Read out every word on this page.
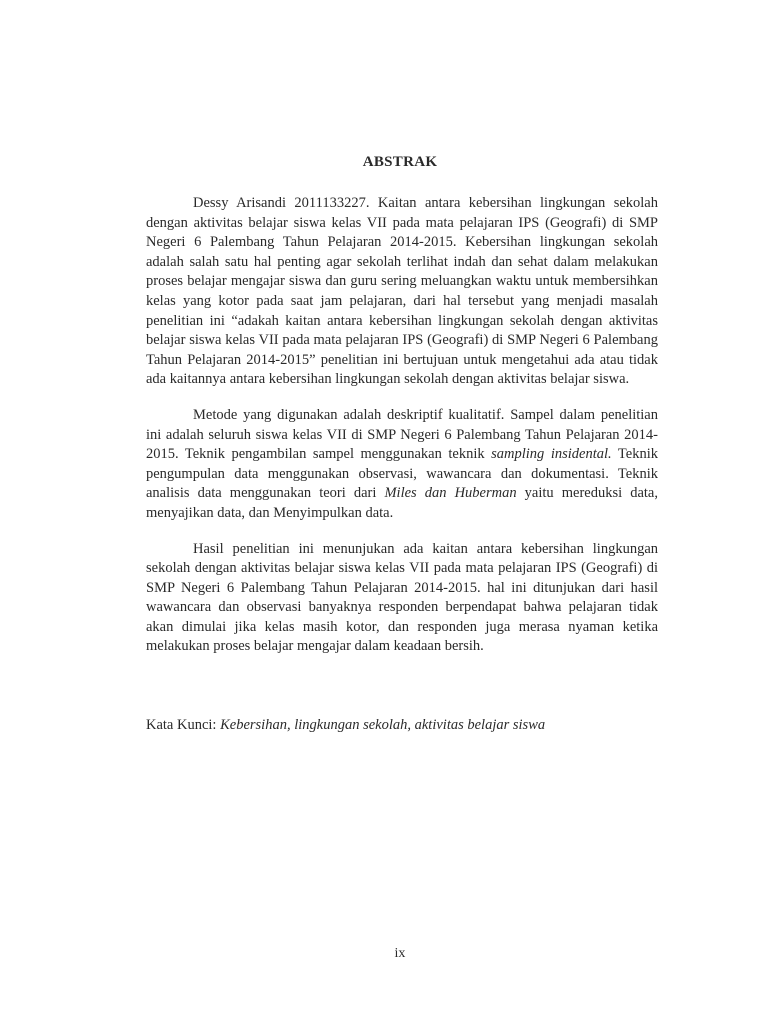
ABSTRAK

Dessy Arisandi 2011133227. Kaitan antara kebersihan lingkungan sekolah dengan aktivitas belajar siswa kelas VII pada mata pelajaran IPS (Geografi) di SMP Negeri 6 Palembang Tahun Pelajaran 2014-2015. Kebersihan lingkungan sekolah adalah salah satu hal penting agar sekolah terlihat indah dan sehat dalam melakukan proses belajar mengajar siswa dan guru sering meluangkan waktu untuk membersihkan kelas yang kotor pada saat jam pelajaran, dari hal tersebut yang menjadi masalah penelitian ini “adakah kaitan antara kebersihan lingkungan sekolah dengan aktivitas belajar siswa kelas VII pada mata pelajaran IPS (Geografi) di SMP Negeri 6 Palembang Tahun Pelajaran 2014-2015” penelitian ini bertujuan untuk mengetahui ada atau tidak ada kaitannya antara kebersihan lingkungan sekolah dengan aktivitas belajar siswa.

Metode yang digunakan adalah deskriptif kualitatif. Sampel dalam penelitian ini adalah seluruh siswa kelas VII di SMP Negeri 6 Palembang Tahun Pelajaran 2014-2015. Teknik pengambilan sampel menggunakan teknik sampling insidental. Teknik pengumpulan data menggunakan observasi, wawancara dan dokumentasi. Teknik analisis data menggunakan teori dari Miles dan Huberman yaitu mereduksi data, menyajikan data, dan Menyimpulkan data.

Hasil penelitian ini menunjukan ada kaitan antara kebersihan lingkungan sekolah dengan aktivitas belajar siswa kelas VII pada mata pelajaran IPS (Geografi) di SMP Negeri 6 Palembang Tahun Pelajaran 2014-2015. hal ini ditunjukan dari hasil wawancara dan observasi banyaknya responden berpendapat bahwa pelajaran tidak akan dimulai jika kelas masih kotor, dan responden juga merasa nyaman ketika melakukan proses belajar mengajar dalam keadaan bersih.

Kata Kunci: Kebersihan, lingkungan sekolah, aktivitas belajar siswa
ix
